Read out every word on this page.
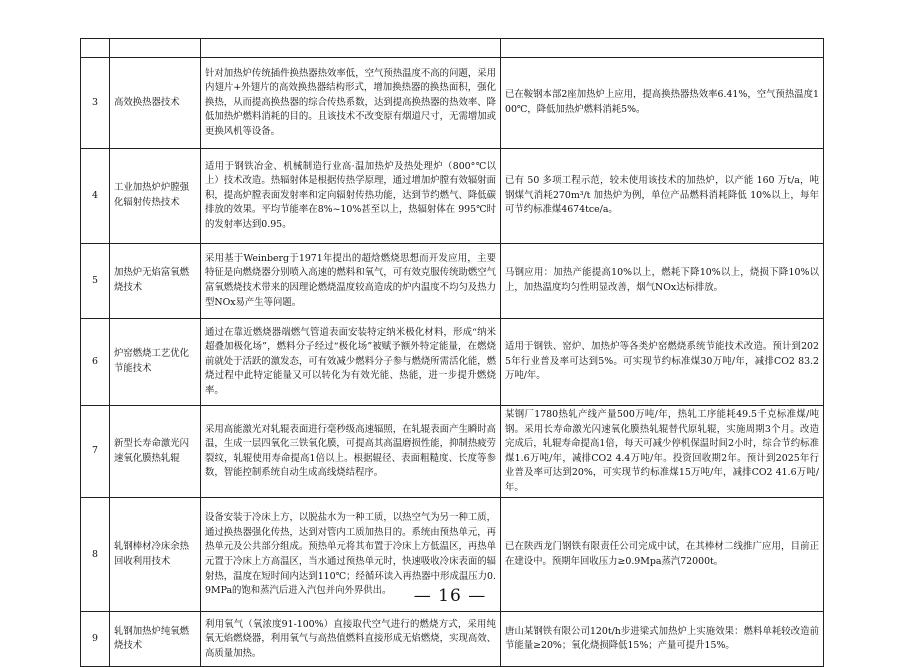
3	高效换热器技术	针对加热炉传统插件换热器热效率低，空气预热温度不高的问题，采用内翅片+外翅片的高效换热器结构形式，增加换热器的换热面积，强化换热，从而提高换热器的综合传热系数，达到提高换热器的热效率、降低加热炉燃料消耗的目的。且该技术不改变原有烟道尺寸，无需增加或更换风机等设备。	已在鞍钢本部2座加热炉上应用，提高换热器热效率6.41%，空气预热温度100℃，降低加热炉燃料消耗5%。
4	工业加热炉炉膛强化辐射传热技术	适用于钢铁冶金、机械制造行业高·温加热炉及热处理炉（800°℃以上）技术改造。热辐射体是根据传热学原理，通过增加炉膛有效辐射面积，提高炉膛表面发射率和定向辐射传热功能，达到节约燃气、降低碳排放的效果。平均节能率在8%~10%甚至以上，热辐射体在 995℃时的发射率达到0.95。	已有 50 多项工程示范，较未使用该技术的加热炉，以产能 160 万t/a，吨钢煤气消耗270m³/t 加热炉为例，单位产品燃料消耗降低 10%以上，每年可节约标准煤4674tce/a。
5	加热炉无焰富氧燃烧技术	采用基于Weinberg于1971年提出的超焓燃烧思想而开发应用，主要特征是向燃烧器分别喷入高速的燃料和氧气，可有效克服传统助燃空气富氧燃烧技术带来的因理论燃烧温度较高造成的炉内温度不均匀及热力型NOx易产生等问题。	马钢应用：加热产能提高10%以上，燃耗下降10%以上，烧损下降10%以上，加热温度均匀性明显改善，烟气NOx达标排放。
6	炉窑燃烧工艺优化节能技术	通过在靠近燃烧器端燃气管道表面安装特定纳米极化材料，形成“纳米超叠加极化场”，燃料分子经过“极化场”被赋予额外特定能量，在燃烧前就处于活跃的激发态，可有效减少燃料分子参与燃烧所需活化能，燃烧过程中此特定能量又可以转化为有效光能、热能，进一步提升燃烧率。	适用于钢铁、窑炉、加热炉等各类炉窑燃烧系统节能技术改造。预计到2025年行业普及率可达到5%。可实现节约标准煤30万吨/年，减排CO2 83.2万吨/年。
7	新型长寿命激光闪速氧化膜热轧辊	采用高能激光对轧辊表面进行毫秒级高速辐照，在轧辊表面产生瞬时高温，生成一层四氧化三铁氧化膜，可提高其高温磨损性能，抑制热疲劳裂纹，轧辊使用寿命提高1倍以上。根据辊径、表面粗糙度、长度等参数，智能控制系统自动生成高线烧结程序。	某钢厂1780热轧产线产量500万吨/年，热轧工序能耗49.5千克标准煤/吨钢。采用长寿命激光闪速氧化膜热轧辊替代原轧辊，实施周期3个月。改造完成后，轧辊寿命提高1倍，每天可减少停机保温时间2小时，综合节约标准煤1.6万吨/年，减排CO2 4.4万吨/年。投资回收期2年。预计到2025年行业普及率可达到20%，可实现节约标准煤15万吨/年，减排CO2 41.6万吨/年。
8	轧钢棒材冷床余热回收利用技术	设备安装于冷床上方，以脱盐水为一种工质，以热空气为另一种工质，通过换热器强化传热，达到对管内工质加热目的。系统由预热单元，再热单元及公共部分组成。预热单元将其布置于冷床上方低温区，再热单元置于冷床上方高温区，当水通过预热单元时，快速吸收冷床表面的辐射热，温度在短时间内达到110℃；经循环读入再热器中形成温压力0.9MPa的饱和蒸汽后进入汽包并向外界供出。	已在陕西龙门钢铁有限责任公司完成中试，在其棒材二线推广应用，目前正在建设中。预期年回收压力≥0.9Mpa蒸汽72000t。
9	轧钢加热炉纯氧燃烧技术	利用氧气（氧浓度91-100%）直接取代空气进行的燃烧方式，采用纯氧无焰燃烧器，利用氧气与高热值燃料直接形成无焰燃烧，实现高效、高质量加热。	唐山某钢铁有限公司120t/h步进梁式加热炉上实施效果：燃料单耗较改造前节能量≥20%；氧化烧损降低15%；产量可提升15%。
— 16 —
